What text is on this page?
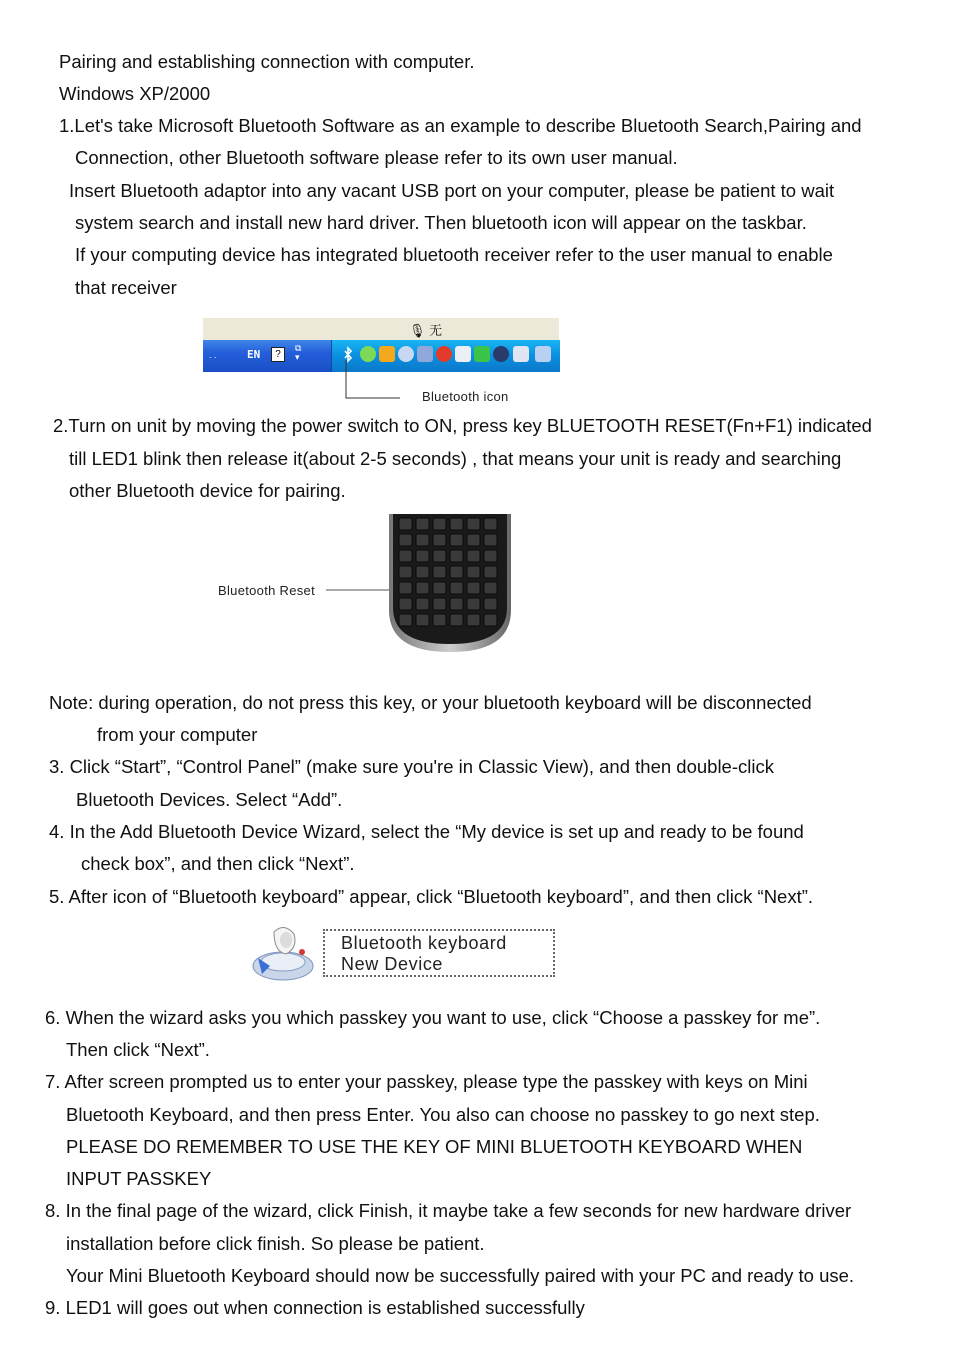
Pairing and establishing connection with computer.
Windows XP/2000
1.Let's take Microsoft Bluetooth Software as an example to describe Bluetooth Search,Pairing and
Connection, other Bluetooth software please refer to its own user manual.
Insert Bluetooth adaptor into any vacant USB port on your computer, please be patient to wait
system search and install new hard driver. Then bluetooth icon will appear on the taskbar.
If your computing device has integrated bluetooth receiver refer to the user manual to enable
that receiver
🎙 无
. .	EN	?
⧉
▾
Bluetooth icon
2.Turn on unit by moving the power switch to ON, press key BLUETOOTH RESET(Fn+F1) indicated
till LED1 blink then release it(about 2-5 seconds) , that means your unit is ready and searching
other Bluetooth device for pairing.
Bluetooth Reset
Note: during operation, do not press this key, or your bluetooth keyboard will be disconnected
from your computer
3. Click “Start”, “Control Panel” (make sure you're in Classic View), and then double-click
Bluetooth Devices. Select “Add”.
4. In the Add Bluetooth Device Wizard, select the “My device is set up and ready to be found
check box”, and then click “Next”.
5. After icon of “Bluetooth keyboard” appear, click “Bluetooth keyboard”, and then click “Next”.
Bluetooth keyboard
New Device
6. When the wizard asks you which passkey you want to use, click “Choose a passkey for me”.
Then click “Next”.
7. After screen prompted us to enter your passkey, please type the passkey with keys on Mini
Bluetooth Keyboard, and then press Enter. You also can choose no passkey to go next step.
PLEASE DO REMEMBER TO USE THE KEY OF MINI BLUETOOTH KEYBOARD WHEN
INPUT PASSKEY
8. In the final page of the wizard, click Finish, it maybe take a few seconds for new hardware driver
installation before click finish. So please be patient.
Your Mini Bluetooth Keyboard should now be successfully paired with your PC and ready to use.
9. LED1 will goes out when connection is established successfully
